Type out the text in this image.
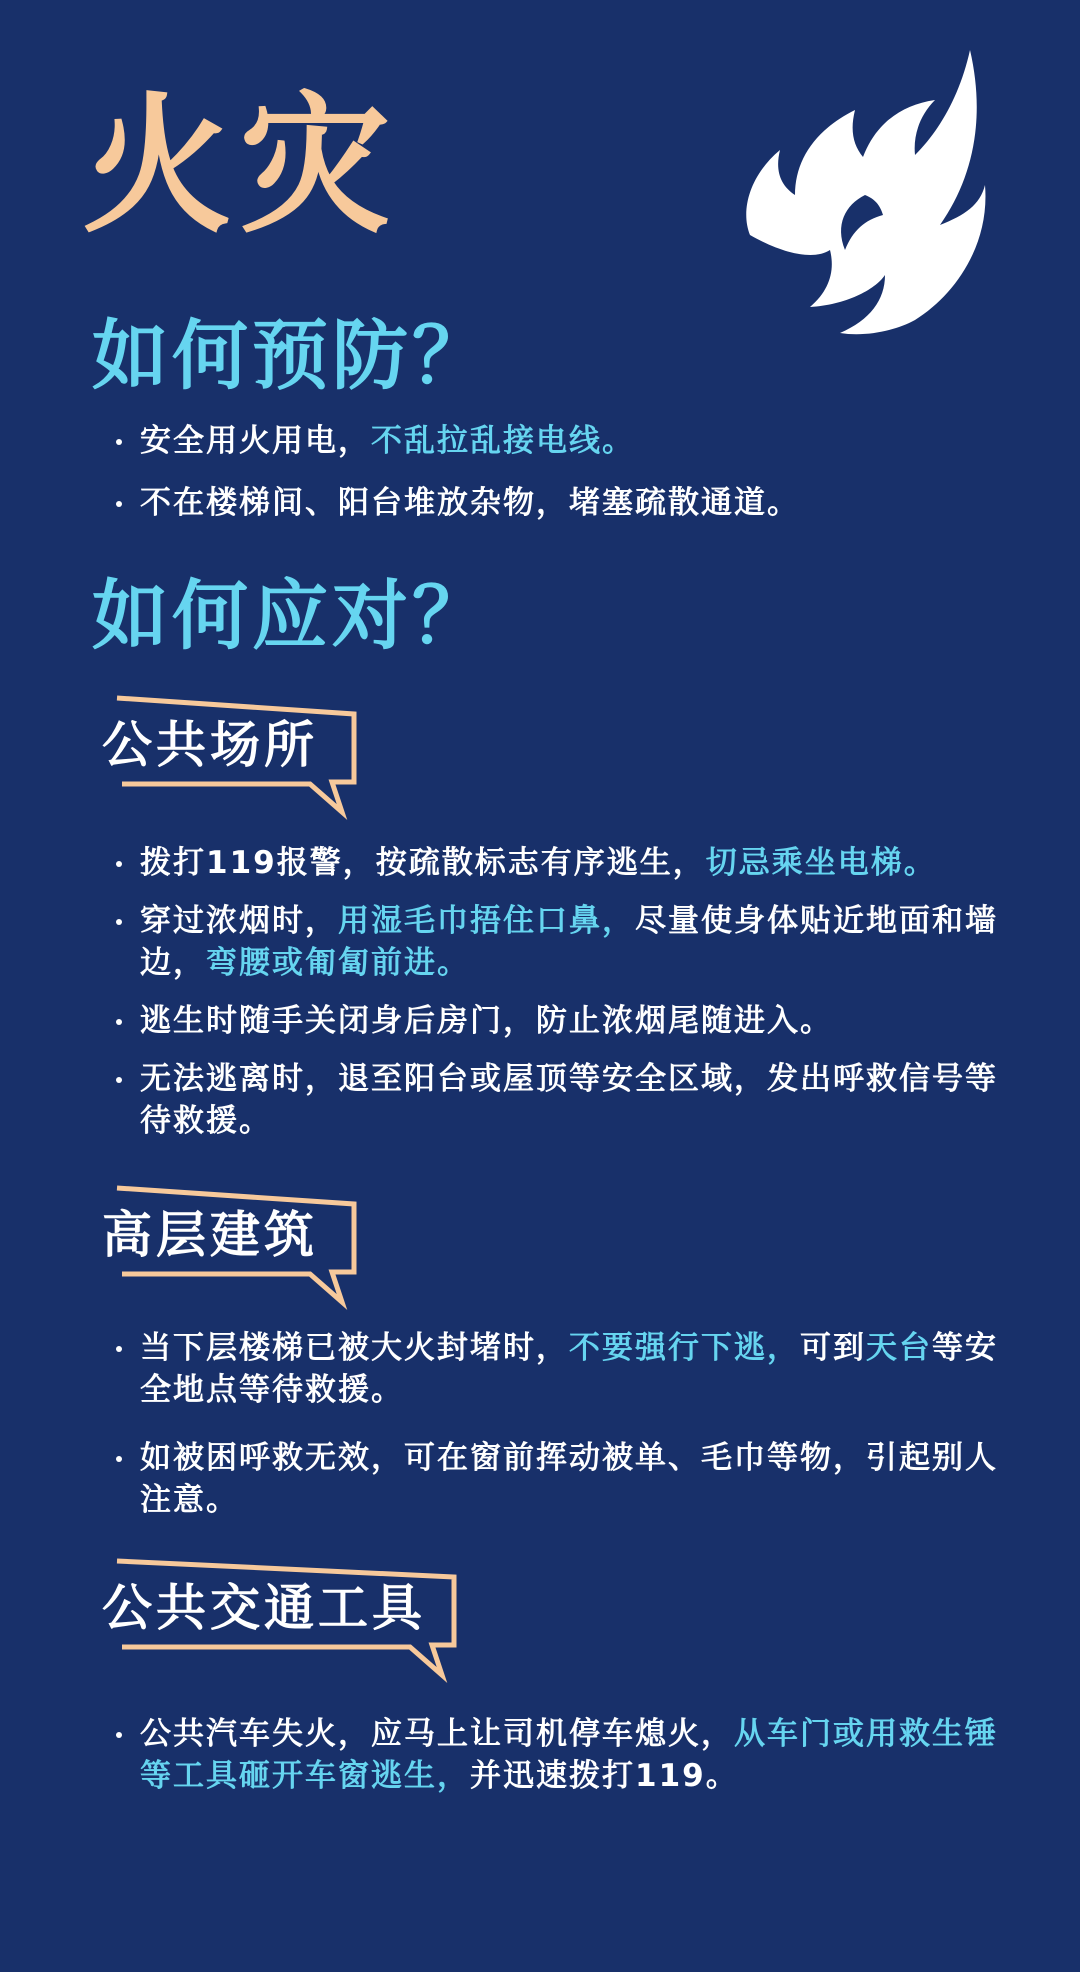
火灾
如何预防？
安全用火用电，不乱拉乱接电线。
不在楼梯间、阳台堆放杂物，堵塞疏散通道。
如何应对？
公共场所
拨打119报警，按疏散标志有序逃生，切忌乘坐电梯。
穿过浓烟时，用湿毛巾捂住口鼻，尽量使身体贴近地面和墙边，弯腰或匍匐前进。
逃生时随手关闭身后房门，防止浓烟尾随进入。
无法逃离时，退至阳台或屋顶等安全区域，发出呼救信号等待救援。
高层建筑
当下层楼梯已被大火封堵时，不要强行下逃，可到天台等安全地点等待救援。
如被困呼救无效，可在窗前挥动被单、毛巾等物，引起别人注意。
公共交通工具
公共汽车失火，应马上让司机停车熄火，从车门或用救生锤等工具砸开车窗逃生，并迅速拨打119。
